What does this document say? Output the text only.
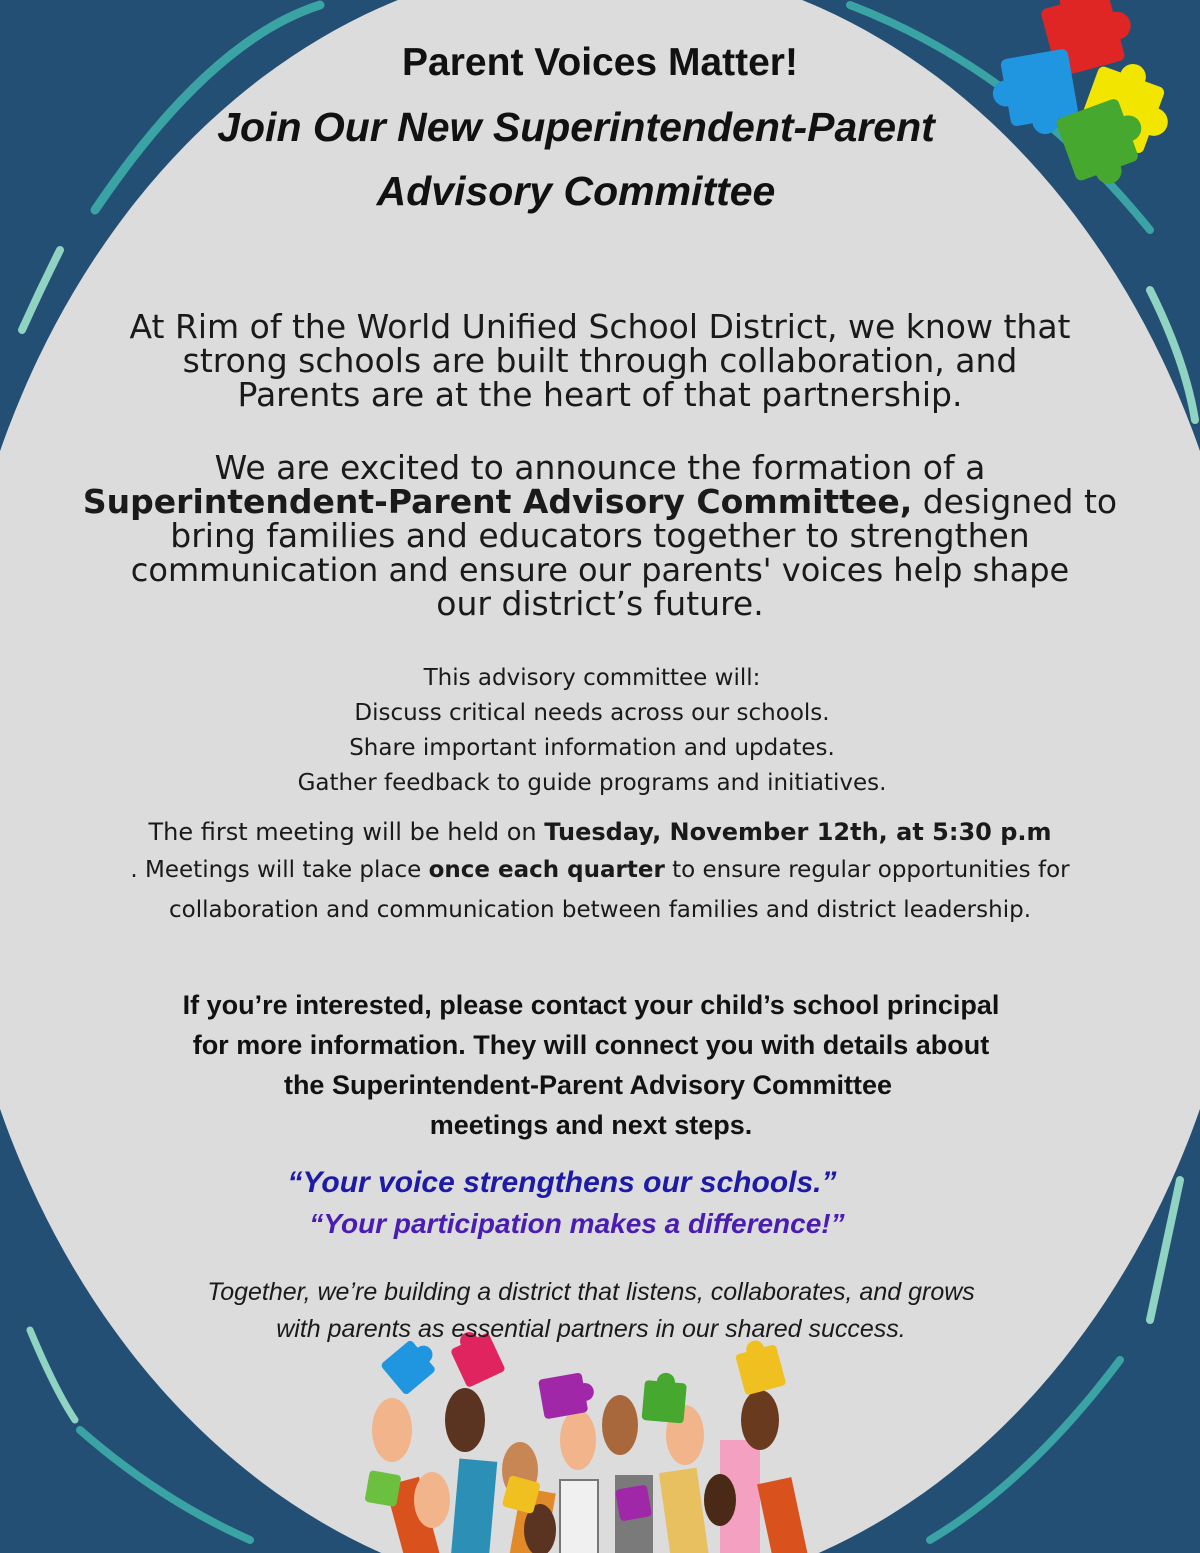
Parent Voices Matter!
Join Our New Superintendent-Parent
Advisory Committee
At Rim of the World Unified School District, we know that
strong schools are built through collaboration, and
Parents are at the heart of that partnership.
We are excited to announce the formation of a
Superintendent-Parent Advisory Committee, designed to
bring families and educators together to strengthen
communication and ensure our parents' voices help shape
our district’s future.
This advisory committee will:
Discuss critical needs across our schools.
Share important information and updates.
Gather feedback to guide programs and initiatives.
The first meeting will be held on Tuesday, November 12th, at 5:30 p.m
. Meetings will take place once each quarter to ensure regular opportunities for
collaboration and communication between families and district leadership.
If you’re interested, please contact your child’s school principal
for more information. They will connect you with details about
the Superintendent-Parent Advisory Committee
meetings and next steps.
“Your voice strengthens our schools.”
“Your participation makes a difference!”
Together, we’re building a district that listens, collaborates, and grows
with parents as essential partners in our shared success.
